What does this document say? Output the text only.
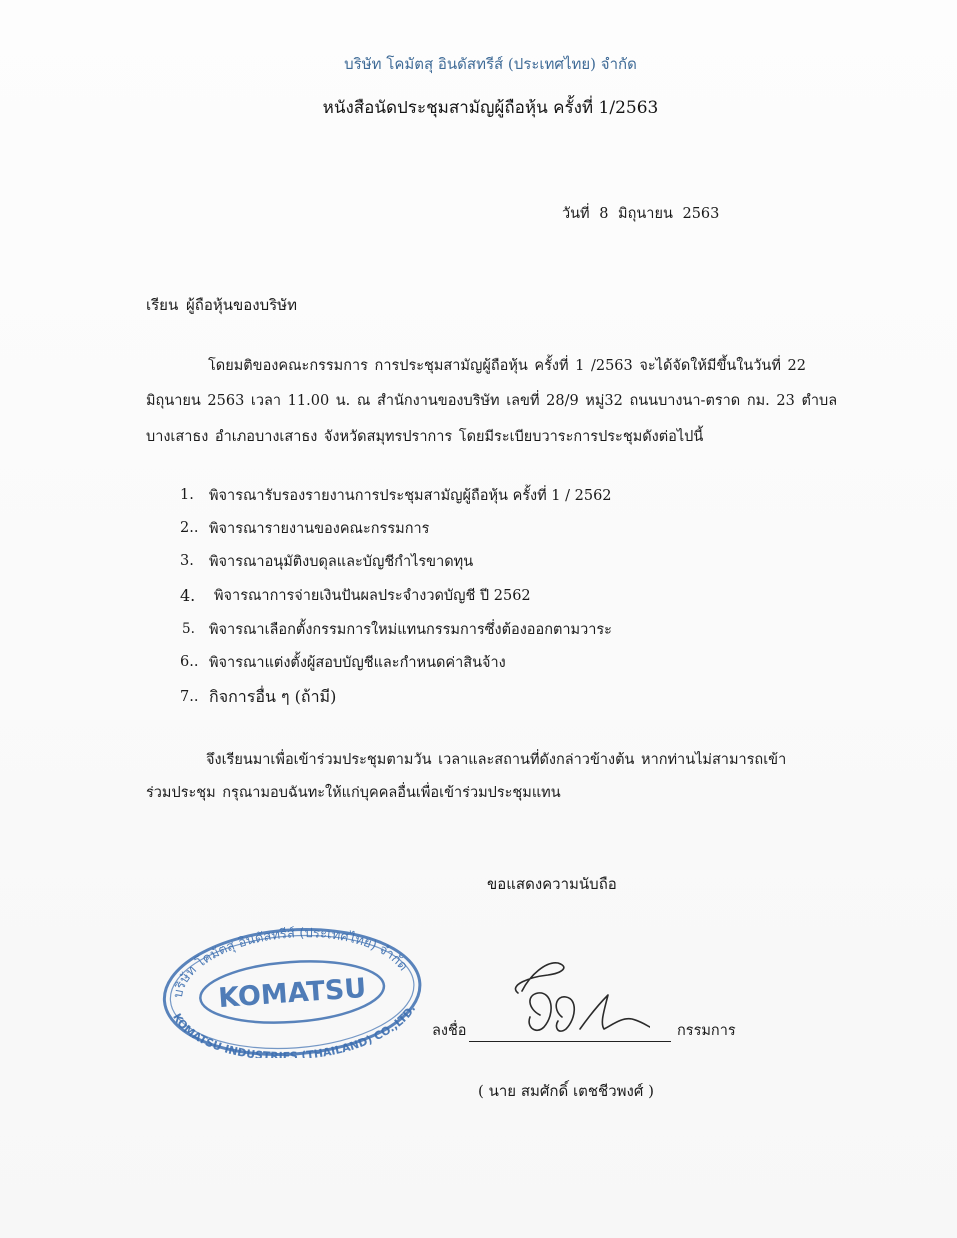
บริษัท โคมัตสุ อินดัสทรีส์ (ประเทศไทย) จำกัด
หนังสือนัดประชุมสามัญผู้ถือหุ้น ครั้งที่ 1/2563
วันที่ 8 มิถุนายน 2563
เรียน ผู้ถือหุ้นของบริษัท
โดยมติของคณะกรรมการ การประชุมสามัญผู้ถือหุ้น ครั้งที่ 1 /2563 จะได้จัดให้มีขึ้นในวันที่ 22
มิถุนายน 2563 เวลา 11.00 น. ณ สำนักงานของบริษัท เลขที่ 28/9 หมู่32 ถนนบางนา-ตราด กม. 23 ตำบล
บางเสาธง อำเภอบางเสาธง จังหวัดสมุทรปราการ โดยมีระเบียบวาระการประชุมดังต่อไปนี้
1. พิจารณารับรองรายงานการประชุมสามัญผู้ถือหุ้น ครั้งที่ 1 / 2562
2.. พิจารณารายงานของคณะกรรมการ
3. พิจารณาอนุมัติงบดุลและบัญชีกำไรขาดทุน
4. พิจารณาการจ่ายเงินปันผลประจำงวดบัญชี ปี 2562
5. พิจารณาเลือกตั้งกรรมการใหม่แทนกรรมการซึ่งต้องออกตามวาระ
6.. พิจารณาแต่งตั้งผู้สอบบัญชีและกำหนดค่าสินจ้าง
7.. กิจการอื่น ๆ (ถ้ามี)
จึงเรียนมาเพื่อเข้าร่วมประชุมตามวัน เวลาและสถานที่ดังกล่าวข้างต้น หากท่านไม่สามารถเข้า
ร่วมประชุม กรุณามอบฉันทะให้แก่บุคคลอื่นเพื่อเข้าร่วมประชุมแทน
ขอแสดงความนับถือ
บริษัท โคมัตสุ อินดัสทรีส์ (ประเทศไทย) จำกัด
KOMATSU
KOMATSU INDUSTRIES (THAILAND) CO.,LTD.
ลงชื่อ	กรรมการ
( นาย สมศักดิ์ เตชชีวพงศ์ )
